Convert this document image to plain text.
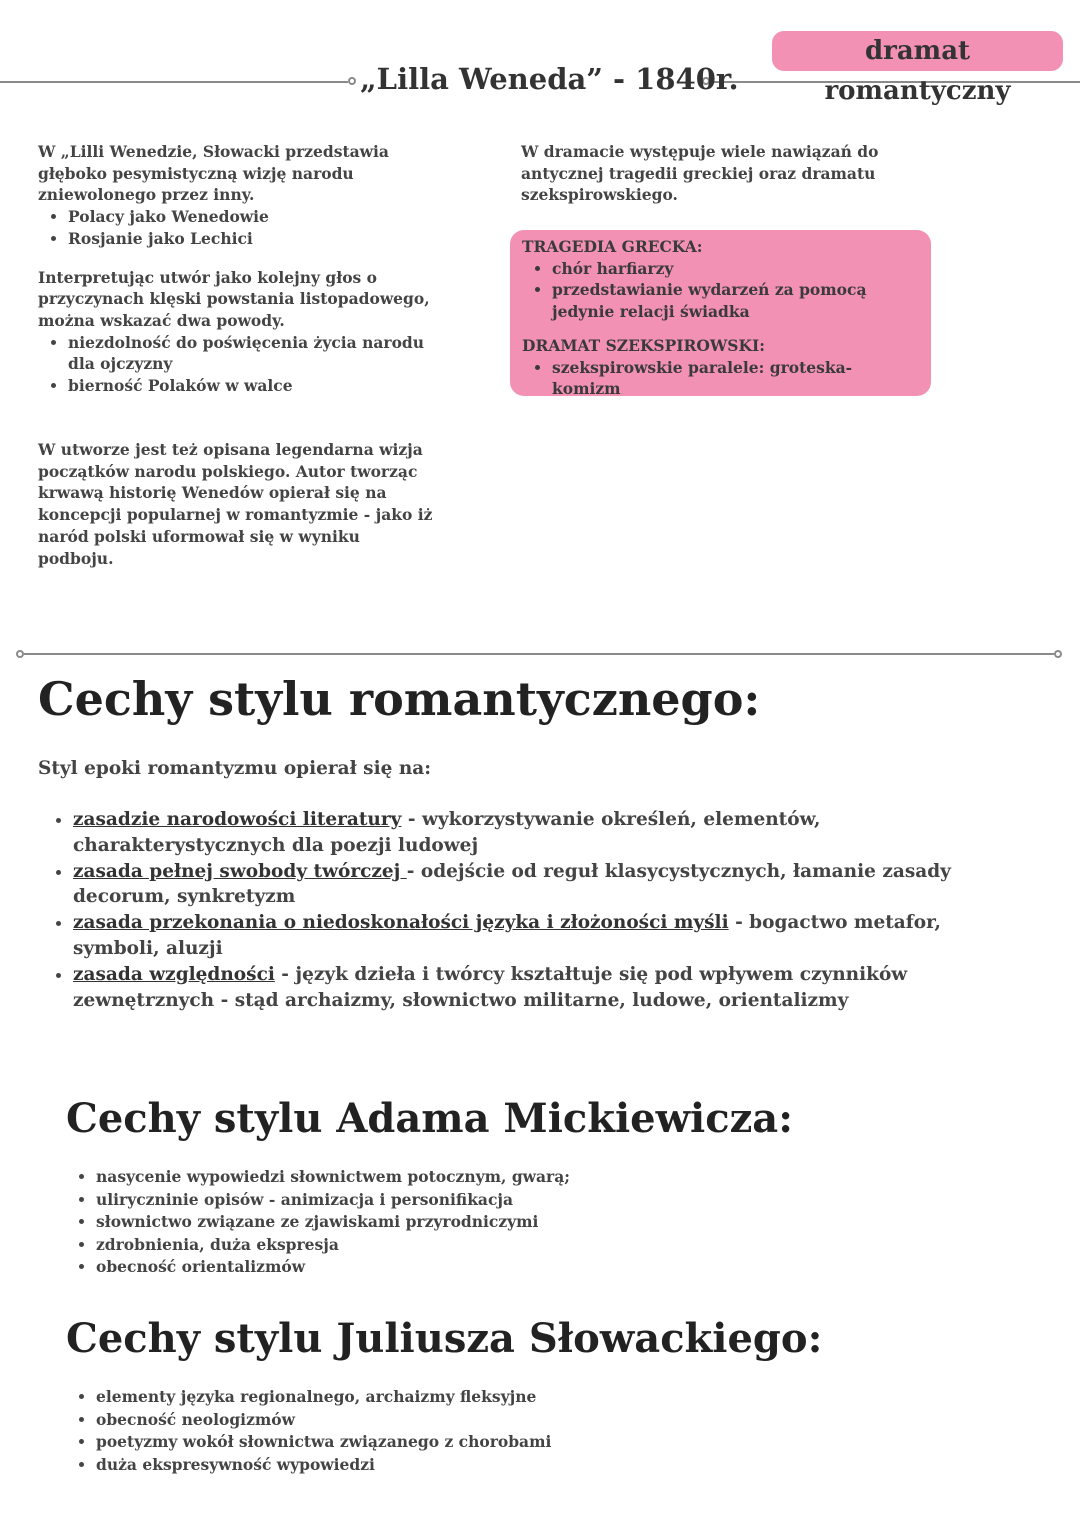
dramat romantyczny
„Lilla Weneda” - 1840r.

W „Lilli Wenedzie, Słowacki przedstawia głęboko pesymistyczną wizję narodu zniewolonego przez inny.

• Polacy jako Wenedowie
• Rosjanie jako Lechici

Interpretując utwór jako kolejny głos o przyczynach klęski powstania listopadowego, można wskazać dwa powody.

• niezdolność do poświęcenia życia narodu dla ojczyzny
• bierność Polaków w walce
W utworze jest też opisana legendarna wizja początków narodu polskiego. Autor tworząc krwawą historię Wenedów opierał się na koncepcji popularnej w romantyzmie - jako iż naród polski uformował się w wyniku podboju.
W dramacie występuje wiele nawiązań do antycznej tragedii greckiej oraz dramatu szekspirowskiego.

TRAGEDIA GRECKA:

• chór harfiarzy
• przedstawianie wydarzeń za pomocą jedynie relacji świadka

DRAMAT SZEKSPIROWSKI:

• szekspirowskie paralele: groteska-komizm
Cechy stylu romantycznego:
Styl epoki romantyzmu opierał się na:
• zasadzie narodowości literatury - wykorzystywanie określeń, elementów, charakterystycznych dla poezji ludowej
• zasada pełnej swobody twórczej - odejście od reguł klasycystycznych, łamanie zasady decorum, synkretyzm
• zasada przekonania o niedoskonałości języka i złożoności myśli - bogactwo metafor, symboli, aluzji
• zasada względności - język dzieła i twórcy kształtuje się pod wpływem czynników zewnętrznych - stąd archaizmy, słownictwo militarne, ludowe, orientalizmy
Cechy stylu Adama Mickiewicza:
• nasycenie wypowiedzi słownictwem potocznym, gwarą;
• uliryczninie opisów - animizacja i personifikacja
• słownictwo związane ze zjawiskami przyrodniczymi
• zdrobnienia, duża ekspresja
• obecność orientalizmów
Cechy stylu Juliusza Słowackiego:
• elementy języka regionalnego, archaizmy fleksyjne
• obecność neologizmów
• poetyzmy wokół słownictwa związanego z chorobami
• duża ekspresywność wypowiedzi
